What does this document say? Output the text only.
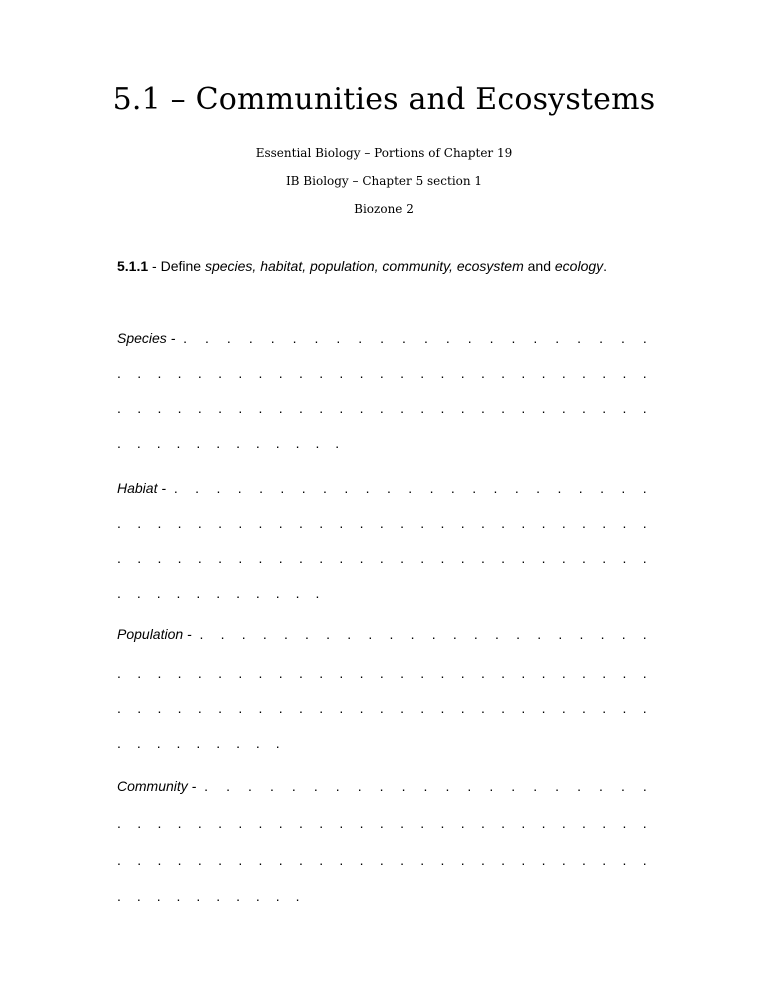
5.1 – Communities and Ecosystems
Essential Biology – Portions of Chapter 19
IB Biology – Chapter 5 section 1
Biozone 2

5.1.1 - Define species, habitat, population, community, ecosystem and ecology.

Species - . . . . . . . . . . . . . . . . . . . . . .
. . . . . . . . . . . . . . . . . . . . . . . . . . .
. . . . . . . . . . . . . . . . . . . . . . . . . . .
. . . . . . . . . . . .
Habiat - . . . . . . . . . . . . . . . . . . . . . . .
. . . . . . . . . . . . . . . . . . . . . . . . . . .
. . . . . . . . . . . . . . . . . . . . . . . . . . .
. . . . . . . . . . .
Population - . . . . . . . . . . . . . . . . . . . . . .
. . . . . . . . . . . . . . . . . . . . . . . . . . .
. . . . . . . . . . . . . . . . . . . . . . . . . . .
. . . . . . . . .
Community - . . . . . . . . . . . . . . . . . . . . .
. . . . . . . . . . . . . . . . . . . . . . . . . . .
. . . . . . . . . . . . . . . . . . . . . . . . . . .
. . . . . . . . . .
